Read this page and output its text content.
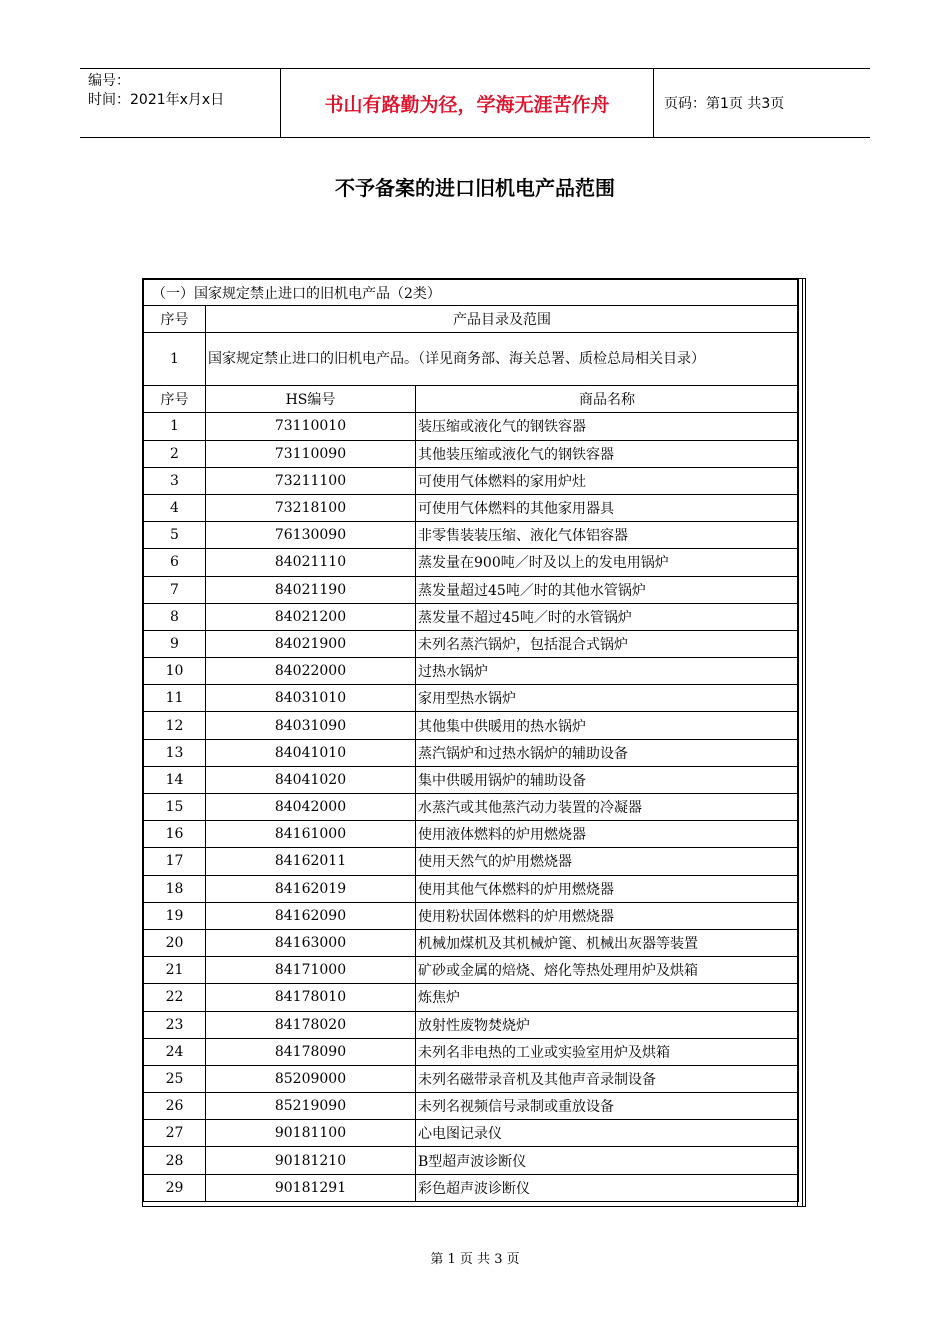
编号：
时间：2021年x月x日	书山有路勤为径，学海无涯苦作舟	页码：第1页 共3页
不予备案的进口旧机电产品范围
（一）国家规定禁止进口的旧机电产品（2类）		
序号	产品目录及范围	
1	国家规定禁止进口的旧机电产品。（详见商务部、海关总署、质检总局相关目录）	
序号	HS编号	商品名称
1	73110010	装压缩或液化气的钢铁容器
2	73110090	其他装压缩或液化气的钢铁容器
3	73211100	可使用气体燃料的家用炉灶
4	73218100	可使用气体燃料的其他家用器具
5	76130090	非零售装装压缩、液化气体铝容器
6	84021110	蒸发量在900吨／时及以上的发电用锅炉
7	84021190	蒸发量超过45吨／时的其他水管锅炉
8	84021200	蒸发量不超过45吨／时的水管锅炉
9	84021900	未列名蒸汽锅炉，包括混合式锅炉
10	84022000	过热水锅炉
11	84031010	家用型热水锅炉
12	84031090	其他集中供暖用的热水锅炉
13	84041010	蒸汽锅炉和过热水锅炉的辅助设备
14	84041020	集中供暖用锅炉的辅助设备
15	84042000	水蒸汽或其他蒸汽动力装置的冷凝器
16	84161000	使用液体燃料的炉用燃烧器
17	84162011	使用天然气的炉用燃烧器
18	84162019	使用其他气体燃料的炉用燃烧器
19	84162090	使用粉状固体燃料的炉用燃烧器
20	84163000	机械加煤机及其机械炉篦、机械出灰器等装置
21	84171000	矿砂或金属的焙烧、熔化等热处理用炉及烘箱
22	84178010	炼焦炉
23	84178020	放射性废物焚烧炉
24	84178090	未列名非电热的工业或实验室用炉及烘箱
25	85209000	未列名磁带录音机及其他声音录制设备
26	85219090	未列名视频信号录制或重放设备
27	90181100	心电图记录仪
28	90181210	B型超声波诊断仪
29	90181291	彩色超声波诊断仪
第 1 页 共 3 页
